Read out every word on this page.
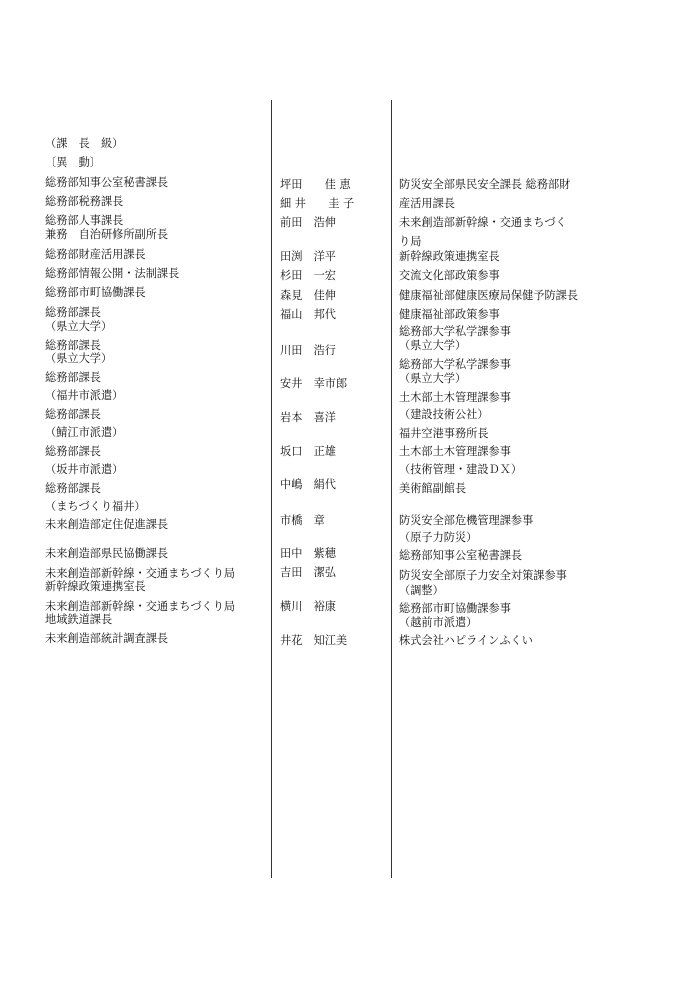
（課　長　級）
〔異　動〕
総務部知事公室秘書課長
総務部税務課長
総務部人事課長
兼務　自治研修所副所長
総務部財産活用課長
総務部情報公開・法制課長
総務部市町協働課長
総務部課長
（県立大学）
総務部課長
（県立大学）
総務部課長
（福井市派遣）
総務部課長
（鯖江市派遣）
総務部課長
（坂井市派遣）
総務部課長
（まちづくり福井）
未来創造部定住促進課長
未来創造部県民協働課長
未来創造部新幹線・交通まちづくり局
新幹線政策連携室長
未来創造部新幹線・交通まちづくり局
地域鉄道課長
未来創造部統計調査課長
坪田　　佳 恵
細 井　　圭 子
前田　浩伸
田渕　洋平
杉田　一宏
森見　佳伸
福山　邦代
川田　浩行
安井　幸市郎
岩本　喜洋
坂口　正雄
中嶋　絹代
市橋　章
田中　紫穂
吉田　潔弘
横川　裕康
井花　知江美
防災安全部県民安全課長 総務部財
産活用課長
未来創造部新幹線・交通まちづく
り局
新幹線政策連携室長
交流文化部政策参事
健康福祉部健康医療局保健予防課長
健康福祉部政策参事
総務部大学私学課参事
（県立大学）
総務部大学私学課参事
（県立大学）
土木部土木管理課参事
（建設技術公社）
福井空港事務所長
土木部土木管理課参事
（技術管理・建設ＤＸ）
美術館副館長
防災安全部危機管理課参事
（原子力防災）
総務部知事公室秘書課長
防災安全部原子力安全対策課参事
（調整）
総務部市町協働課参事
（越前市派遣）
株式会社ハピラインふくい
